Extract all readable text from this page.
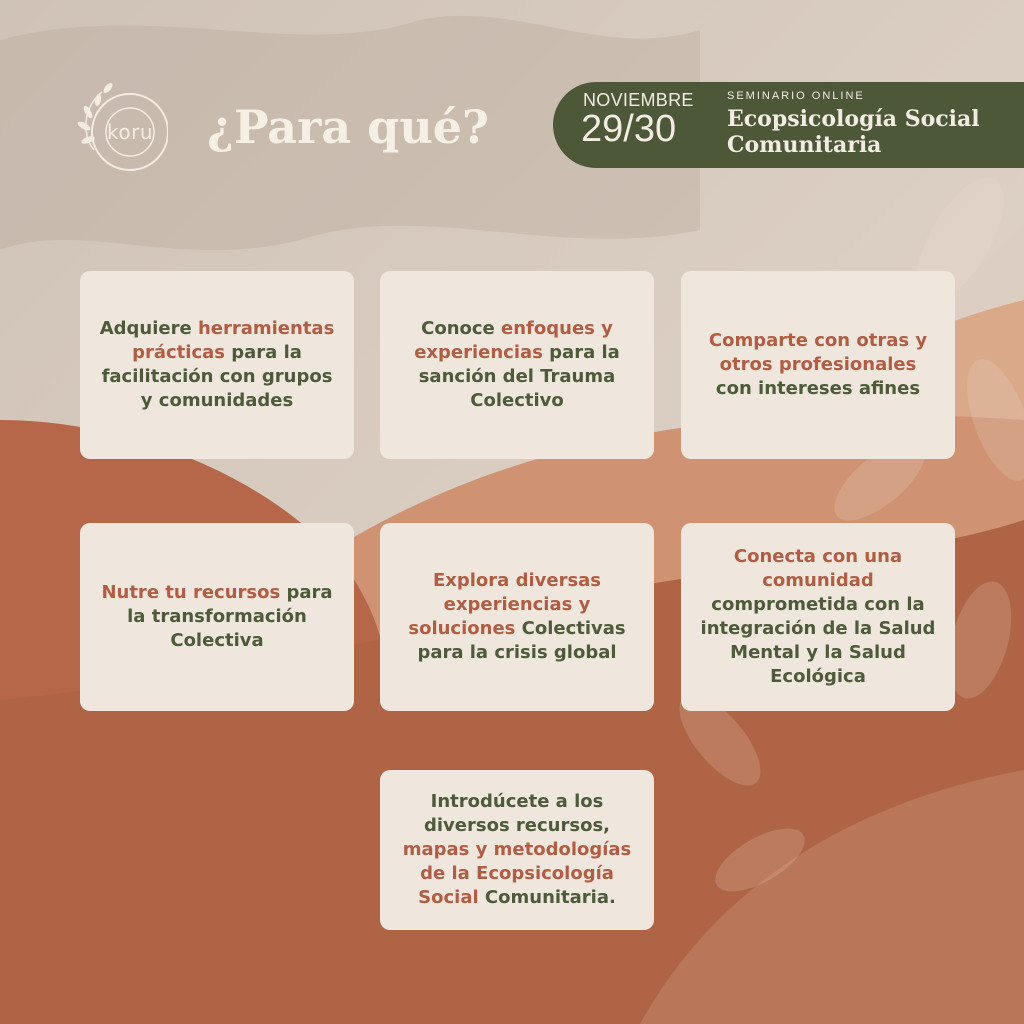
koru	¿Para qué?	NOVIEMBRE
29/30
SEMINARIO ONLINE
Ecopsicología Social
Comunitaria

Adquiere herramientas prácticas para la facilitación con grupos y comunidades

Conoce enfoques y experiencias para la sanción del Trauma Colectivo

Comparte con otras y otros profesionales con intereses afines

Nutre tu recursos para la transformación Colectiva

Explora diversas experiencias y soluciones Colectivas para la crisis global

Conecta con una comunidad comprometida con la integración de la Salud Mental y la Salud Ecológica

Introdúcete a los diversos recursos, mapas y metodologías de la Ecopsicología Social Comunitaria.
